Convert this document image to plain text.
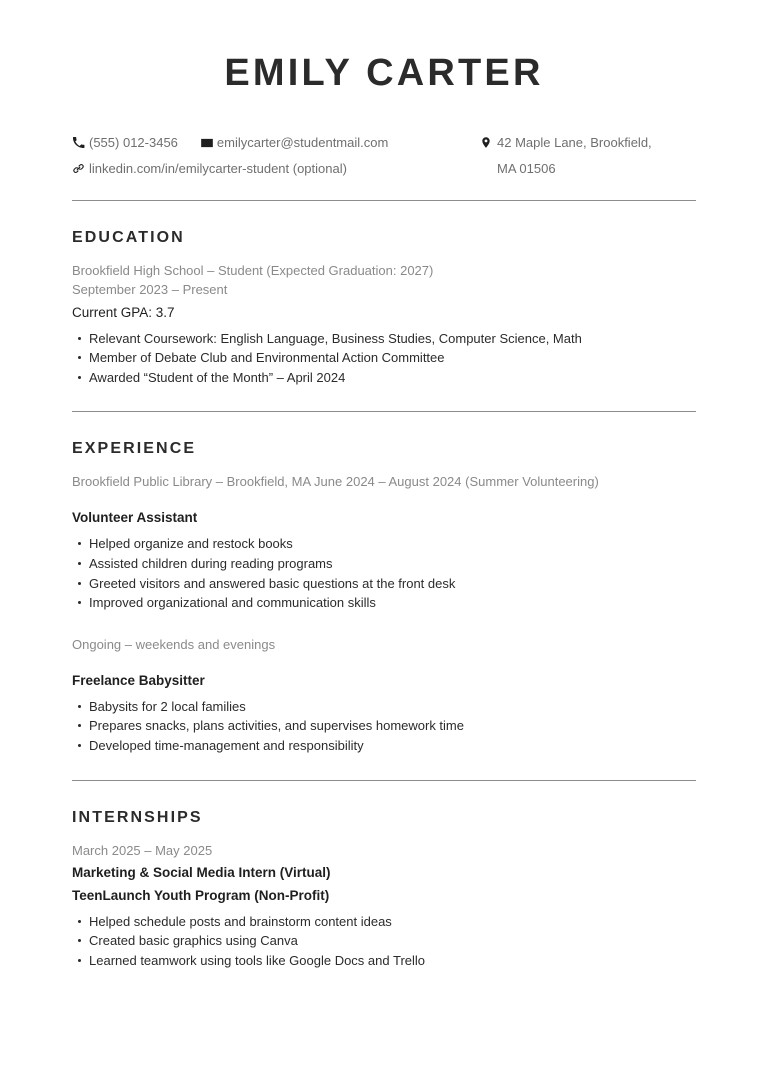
EMILY CARTER
(555) 012-3456	emilycarter@studentmail.com
linkedin.com/in/emilycarter-student (optional)
42 Maple Lane, Brookfield, MA 01506
EDUCATION
Brookfield High School – Student (Expected Graduation: 2027)
September 2023 – Present
Current GPA: 3.7
Relevant Coursework: English Language, Business Studies, Computer Science, Math
Member of Debate Club and Environmental Action Committee
Awarded “Student of the Month” – April 2024
EXPERIENCE
Brookfield Public Library – Brookfield, MA June 2024 – August 2024 (Summer Volunteering)
Volunteer Assistant
Helped organize and restock books
Assisted children during reading programs
Greeted visitors and answered basic questions at the front desk
Improved organizational and communication skills
Ongoing – weekends and evenings
Freelance Babysitter
Babysits for 2 local families
Prepares snacks, plans activities, and supervises homework time
Developed time-management and responsibility
INTERNSHIPS
March 2025 – May 2025
Marketing & Social Media Intern (Virtual)
TeenLaunch Youth Program (Non-Profit)
Helped schedule posts and brainstorm content ideas
Created basic graphics using Canva
Learned teamwork using tools like Google Docs and Trello
